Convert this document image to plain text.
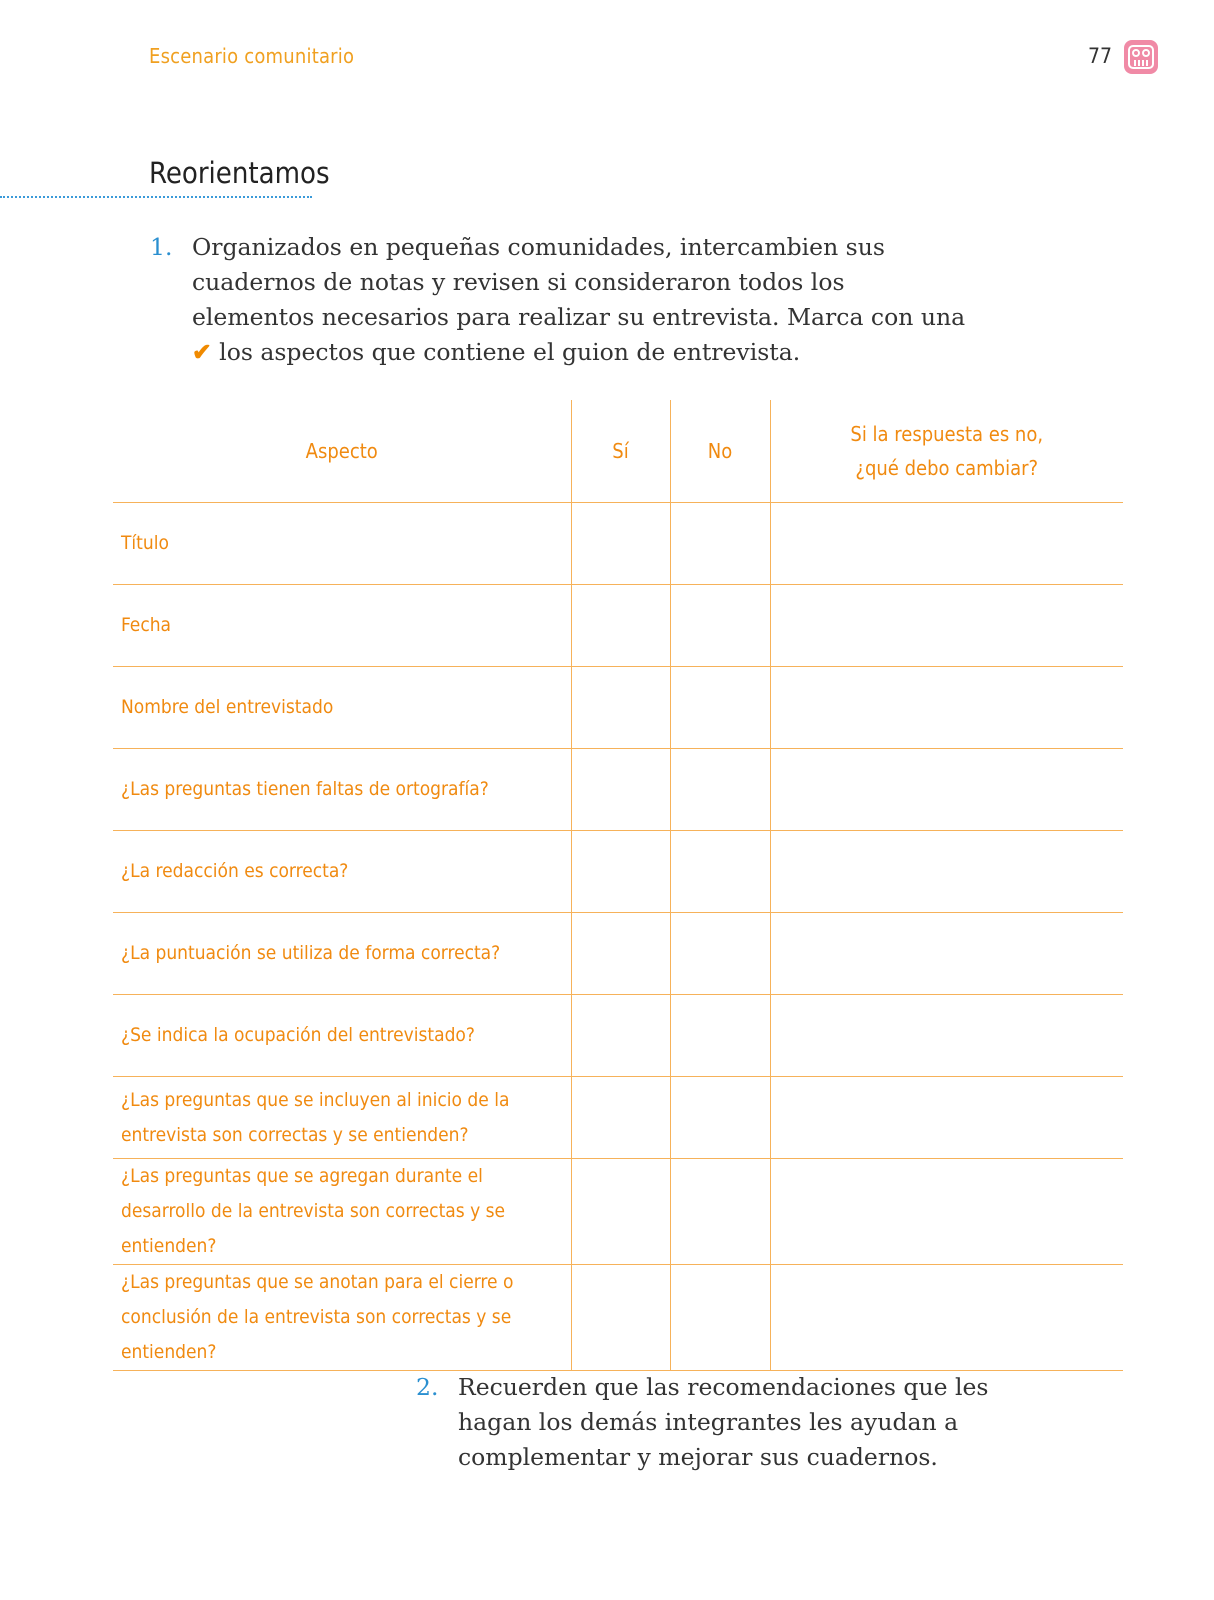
Escenario comunitario	77
Reorientamos
1. Organizados en pequeñas comunidades, intercambien sus cuadernos de notas y revisen si consideraron todos los elementos necesarios para realizar su entrevista. Marca con una ✔ los aspectos que contiene el guion de entrevista.
Aspecto	Sí	No	Si la respuesta es no,
¿qué debo cambiar?
Título			
Fecha			
Nombre del entrevistado			
¿Las preguntas tienen faltas de ortografía?			
¿La redacción es correcta?			
¿La puntuación se utiliza de forma correcta?			
¿Se indica la ocupación del entrevistado?			
¿Las preguntas que se incluyen al inicio de la entrevista son correctas y se entienden?			
¿Las preguntas que se agregan durante el desarrollo de la entrevista son correctas y se entienden?			
¿Las preguntas que se anotan para el cierre o conclusión de la entrevista son correctas y se entienden?			
2. Recuerden que las recomendaciones que les hagan los demás integrantes les ayudan a complementar y mejorar sus cuadernos.
